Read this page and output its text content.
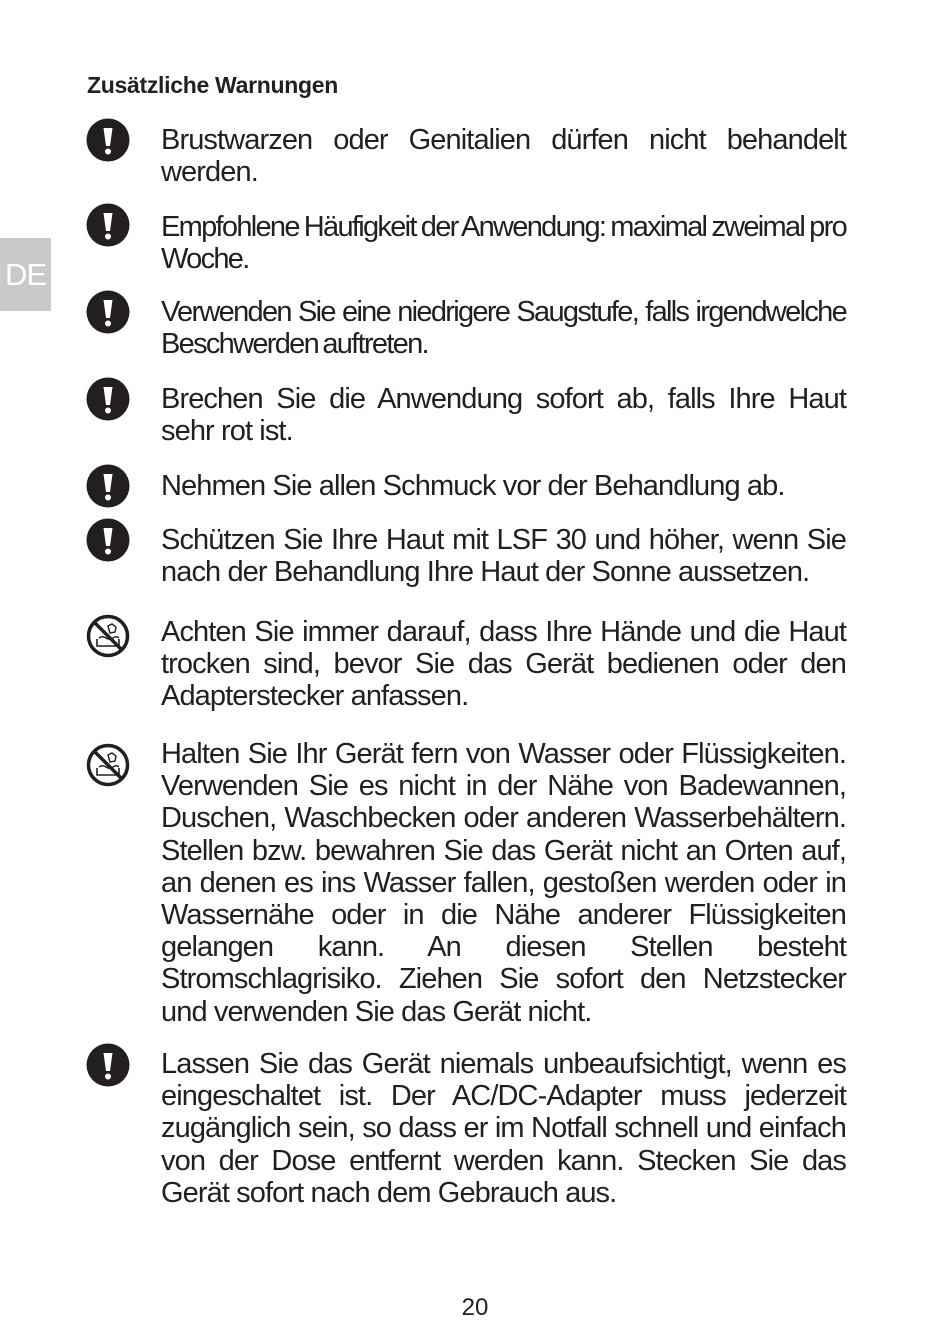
DE
Zusätzliche Warnungen

Brustwarzen oder Genitalien dürfen nicht behandelt werden.

Empfohlene Häufigkeit der Anwendung: maximal zweimal pro Woche.

Verwenden Sie eine niedrigere Saugstufe, falls irgendwelche Beschwerden auftreten.

Brechen Sie die Anwendung sofort ab, falls Ihre Haut sehr rot ist.

Nehmen Sie allen Schmuck vor der Behandlung ab.

Schützen Sie Ihre Haut mit LSF 30 und höher, wenn Sie nach der Behandlung Ihre Haut der Sonne aussetzen.

Achten Sie immer darauf, dass Ihre Hände und die Haut trocken sind, bevor Sie das Gerät bedienen oder den Adapterstecker anfassen.

Halten Sie Ihr Gerät fern von Wasser oder Flüssigkeiten. Verwenden Sie es nicht in der Nähe von Badewannen, Duschen, Waschbecken oder anderen Wasserbehältern. Stellen bzw. bewahren Sie das Gerät nicht an Orten auf, an denen es ins Wasser fallen, gestoßen werden oder in Wassernähe oder in die Nähe anderer Flüssigkeiten gelangen kann. An diesen Stellen besteht Stromschlagrisiko. Ziehen Sie sofort den Netzstecker und verwenden Sie das Gerät nicht.

Lassen Sie das Gerät niemals unbeaufsichtigt, wenn es eingeschaltet ist. Der AC/DC-Adapter muss jederzeit zugänglich sein, so dass er im Notfall schnell und einfach von der Dose entfernt werden kann. Stecken Sie das Gerät sofort nach dem Gebrauch aus.

20
